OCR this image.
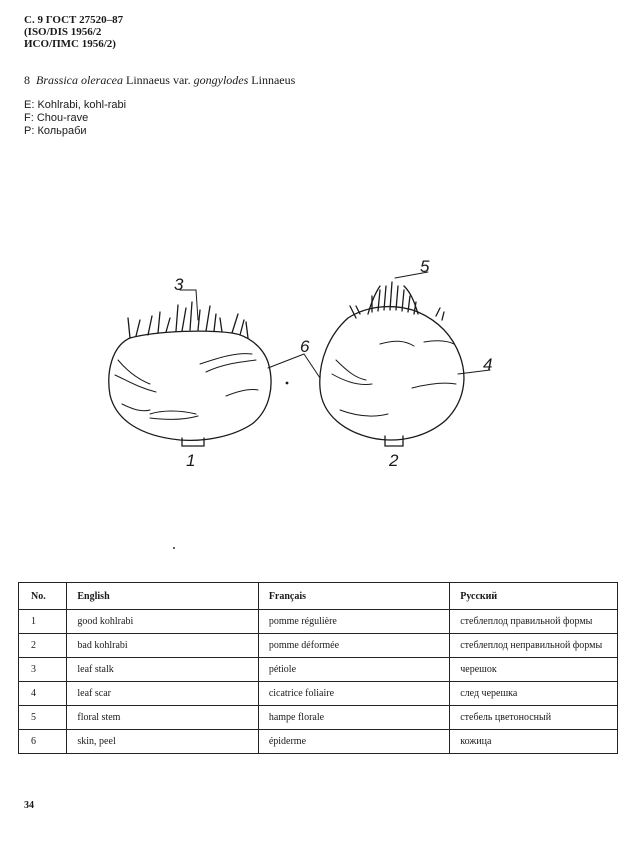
С. 9 ГОСТ 27520–87
(ISO/DIS 1956/2
ИСО/ПМС 1956/2)
8 Brassica oleracea Linnaeus var. gongylodes Linnaeus
E: Kohlrabi, kohl-rabi
F: Chou-rave
P: Кольраби
3
5
6
4
1	2
No.	English	Français	Русский
1	good kohlrabi	pomme régulière	стеблеплод правильной формы
2	bad kohlrabi	pomme déformée	стеблеплод неправильной формы
3	leaf stalk	pétiole	черешок
4	leaf scar	cicatrice foliaire	след черешка
5	floral stem	hampe florale	стебель цветоносный
6	skin, peel	épiderme	кожица
34
